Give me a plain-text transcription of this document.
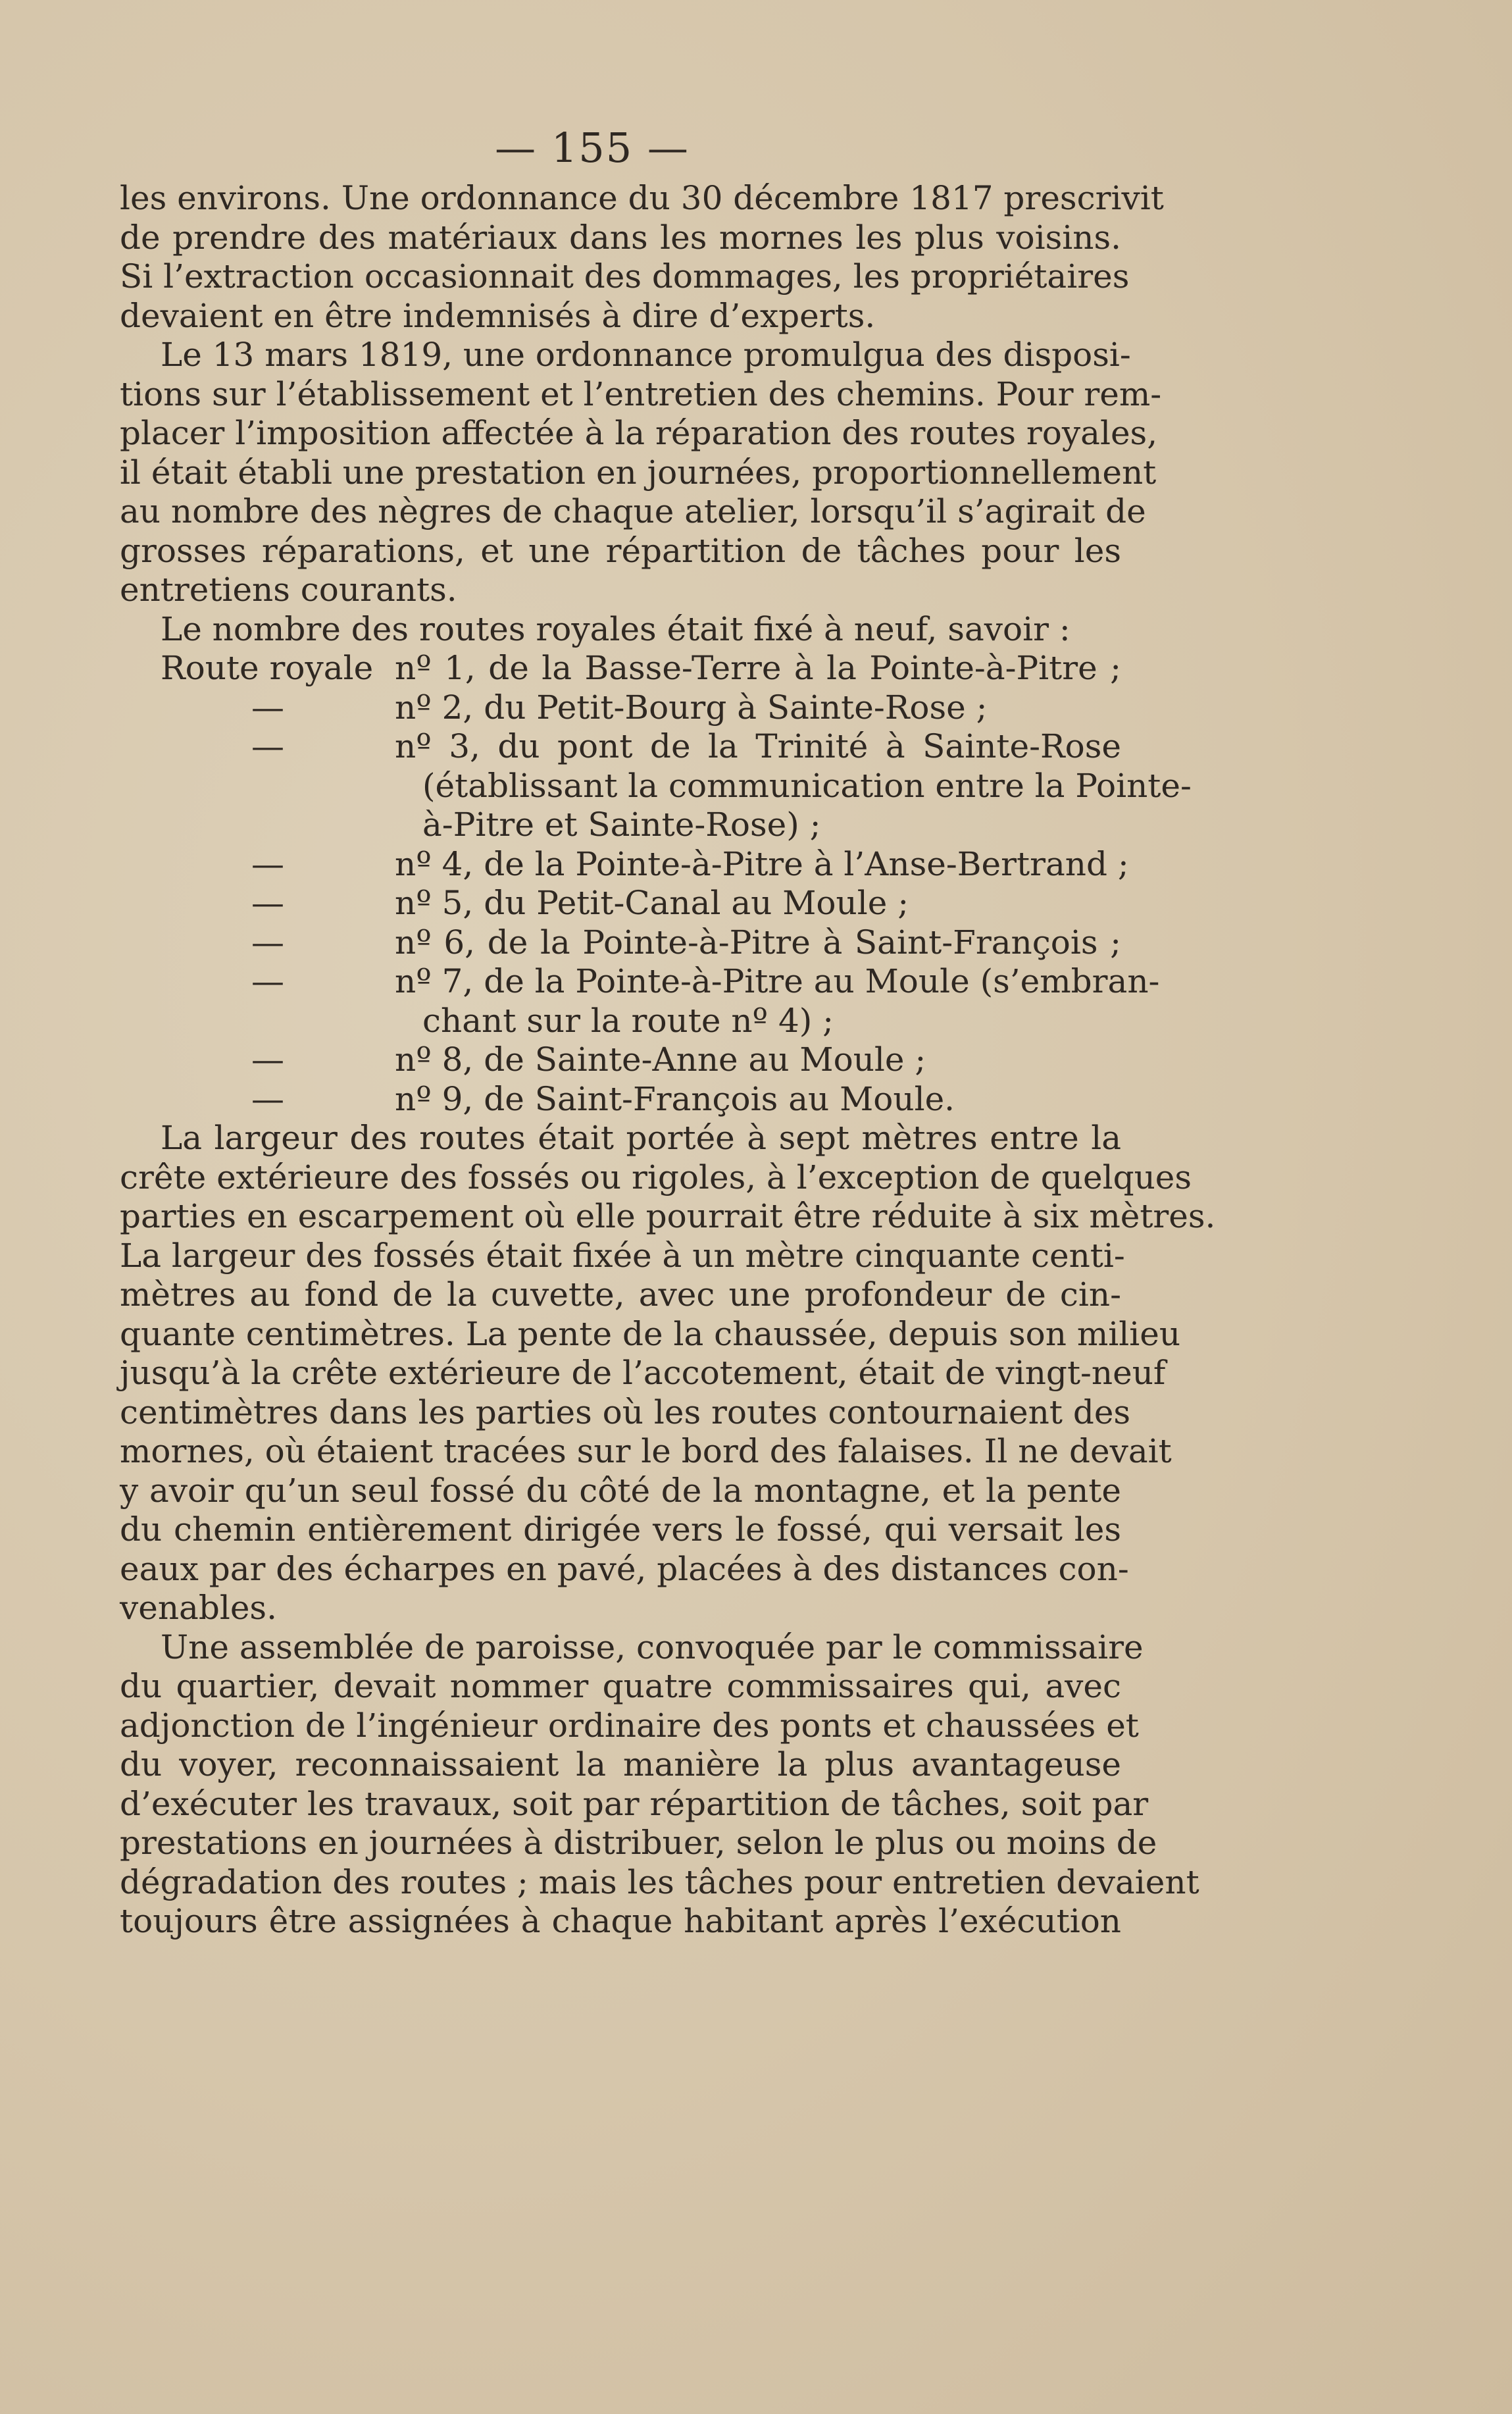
— 155 —
les environs. Une ordonnance du 30 décembre 1817 prescrivit
de prendre des matériaux dans les mornes les plus voisins.
Si l’extraction occasionnait des dommages, les propriétaires
devaient en être indemnisés à dire d’experts.
Le 13 mars 1819, une ordonnance promulgua des disposi-
tions sur l’établissement et l’entretien des chemins. Pour rem-
placer l’imposition affectée à la réparation des routes royales,
il était établi une prestation en journées, proportionnellement
au nombre des nègres de chaque atelier, lorsqu’il s’agirait de
grosses réparations, et une répartition de tâches pour les
entretiens courants.
Le nombre des routes royales était fixé à neuf, savoir :
Route royale nº 1, de la Basse-Terre à la Pointe-à-Pitre ;
—	nº 2, du Petit-Bourg à Sainte-Rose ;
—	nº 3, du pont de la Trinité à Sainte-Rose
(établissant la communication entre la Pointe-
à-Pitre et Sainte-Rose) ;
—	nº 4, de la Pointe-à-Pitre à l’Anse-Bertrand ;
—	nº 5, du Petit-Canal au Moule ;
—	nº 6, de la Pointe-à-Pitre à Saint-François ;
—	nº 7, de la Pointe-à-Pitre au Moule (s’embran-
chant sur la route nº 4) ;
—	nº 8, de Sainte-Anne au Moule ;
—	nº 9, de Saint-François au Moule.
La largeur des routes était portée à sept mètres entre la
crête extérieure des fossés ou rigoles, à l’exception de quelques
parties en escarpement où elle pourrait être réduite à six mètres.
La largeur des fossés était fixée à un mètre cinquante centi-
mètres au fond de la cuvette, avec une profondeur de cin-
quante centimètres. La pente de la chaussée, depuis son milieu
jusqu’à la crête extérieure de l’accotement, était de vingt-neuf
centimètres dans les parties où les routes contournaient des
mornes, où étaient tracées sur le bord des falaises. Il ne devait
y avoir qu’un seul fossé du côté de la montagne, et la pente
du chemin entièrement dirigée vers le fossé, qui versait les
eaux par des écharpes en pavé, placées à des distances con-
venables.
Une assemblée de paroisse, convoquée par le commissaire
du quartier, devait nommer quatre commissaires qui, avec
adjonction de l’ingénieur ordinaire des ponts et chaussées et
du voyer, reconnaissaient la manière la plus avantageuse
d’exécuter les travaux, soit par répartition de tâches, soit par
prestations en journées à distribuer, selon le plus ou moins de
dégradation des routes ; mais les tâches pour entretien devaient
toujours être assignées à chaque habitant après l’exécution
